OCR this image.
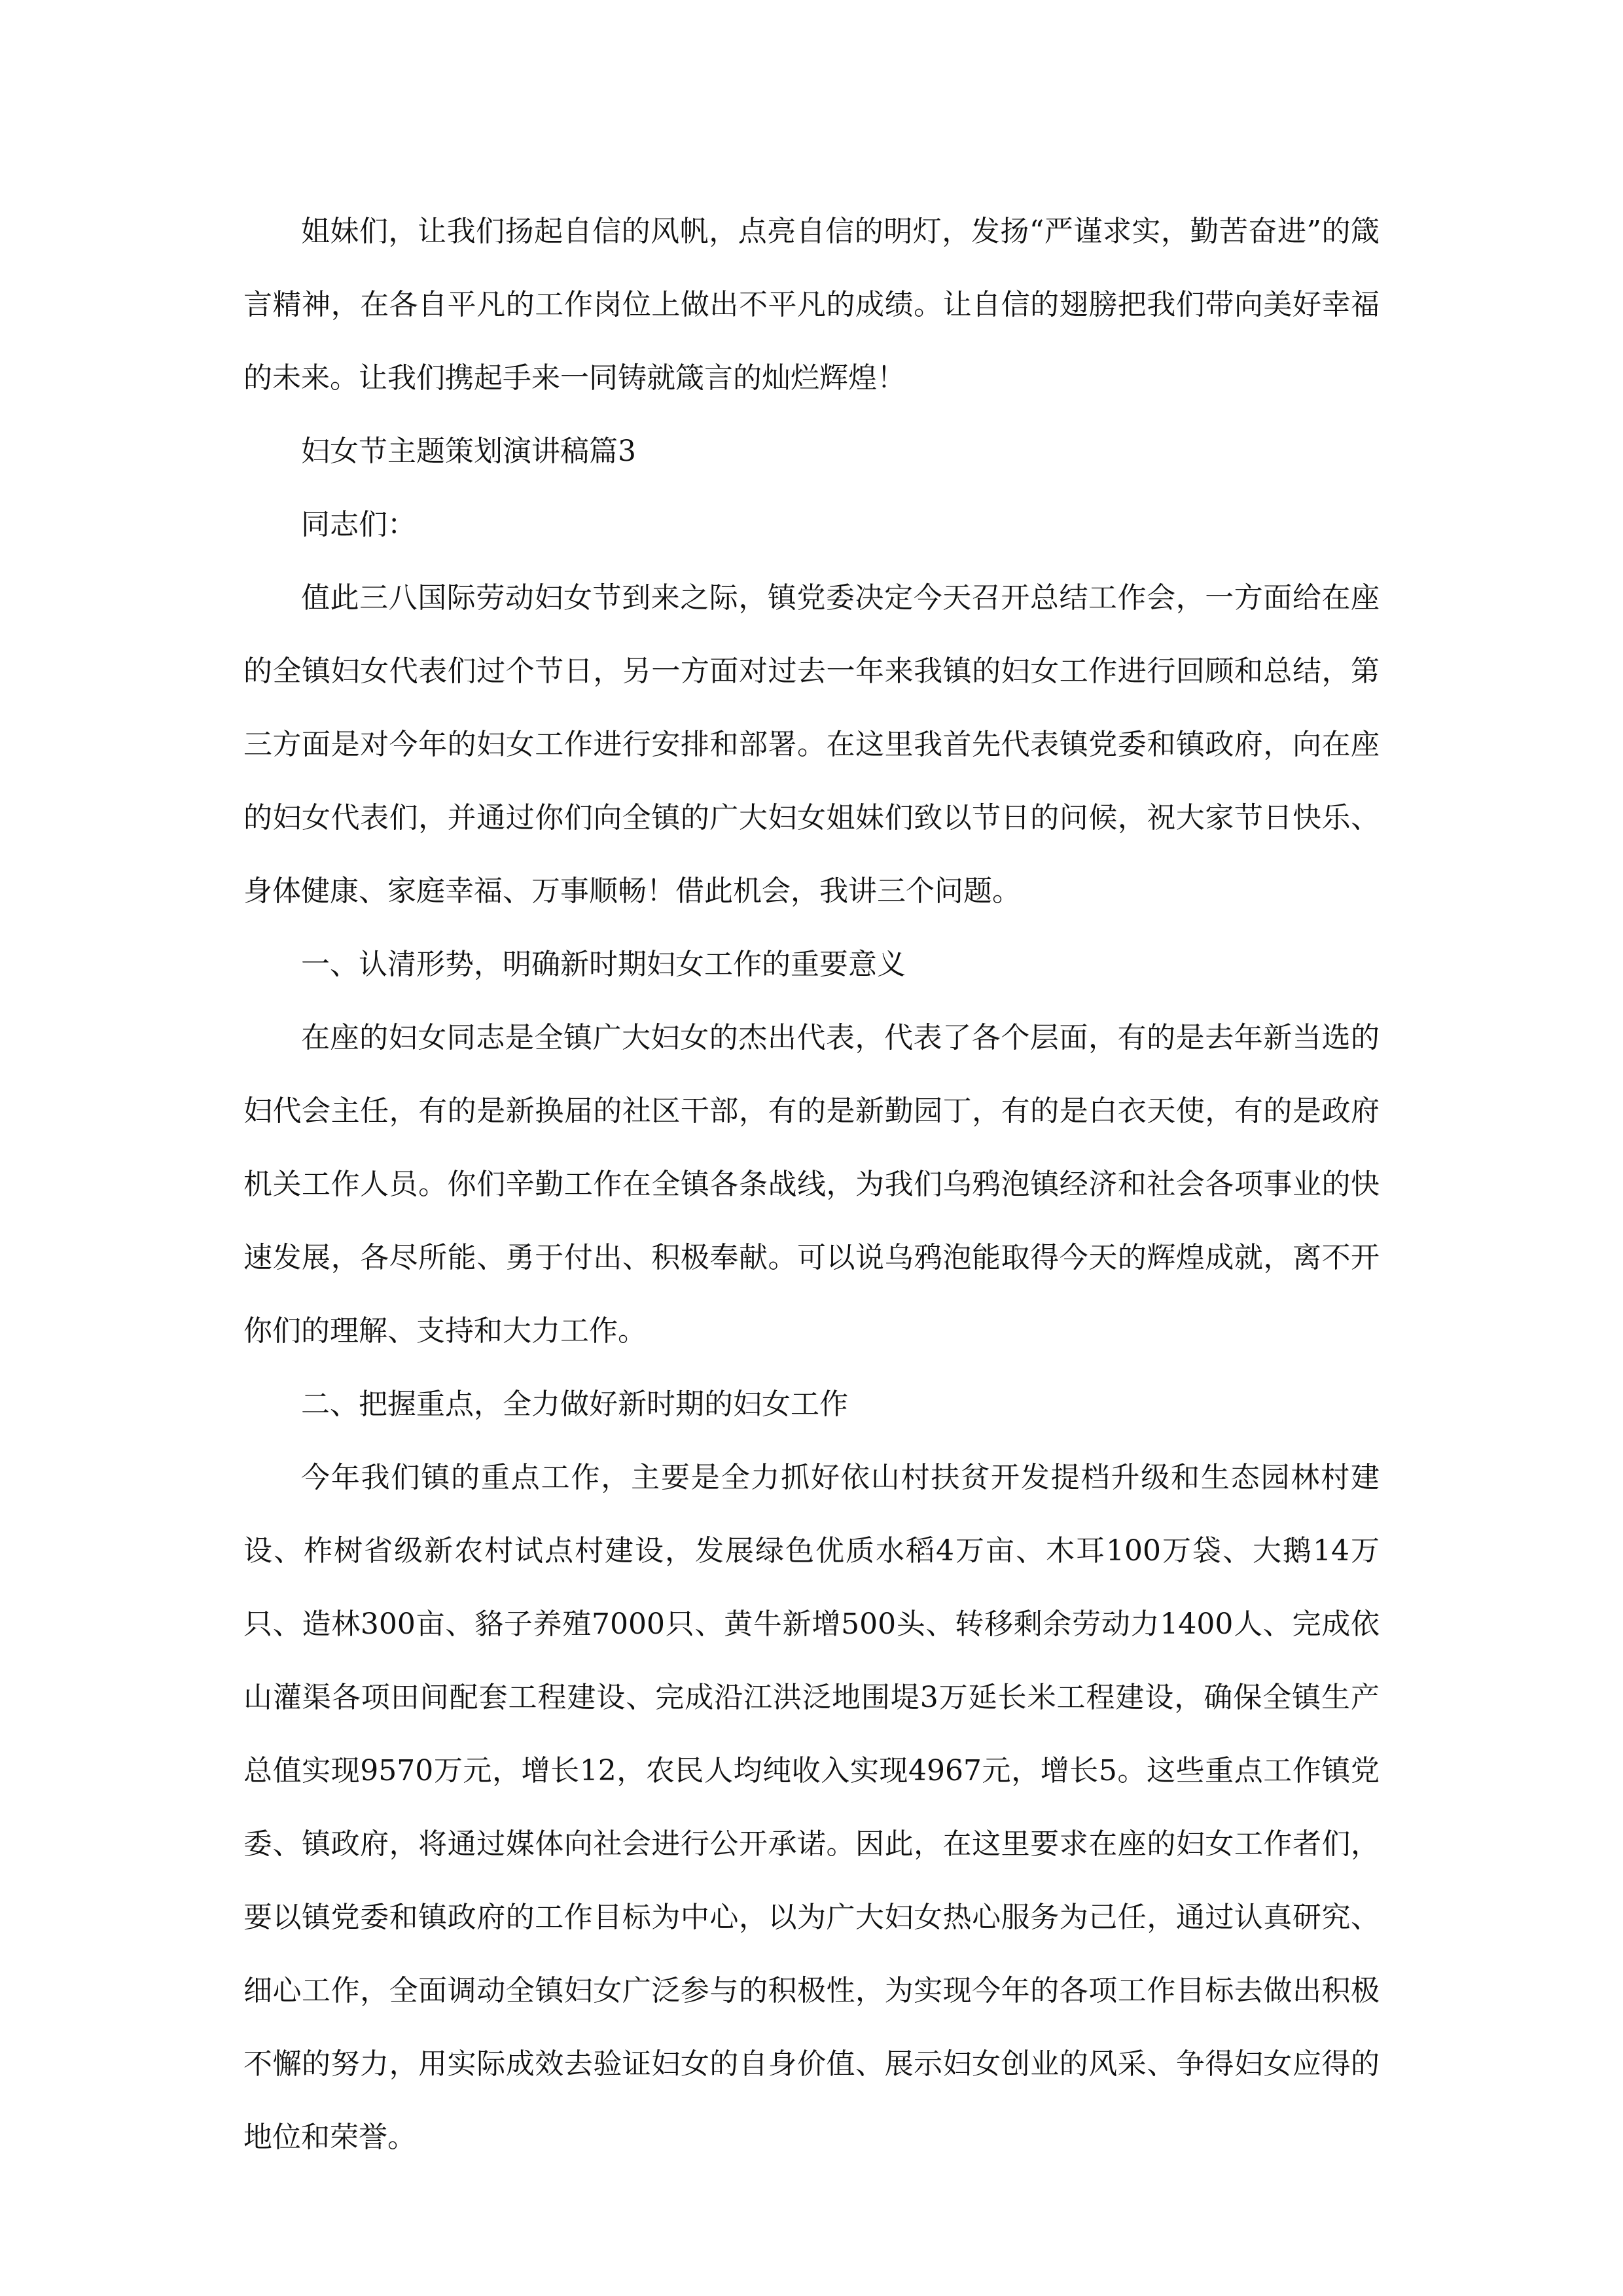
姐妹们，让我们扬起自信的风帆，点亮自信的明灯，发扬“严谨求实，勤苦奋进”的箴言精神，在各自平凡的工作岗位上做出不平凡的成绩。让自信的翅膀把我们带向美好幸福的未来。让我们携起手来一同铸就箴言的灿烂辉煌！

妇女节主题策划演讲稿篇3

同志们：

值此三八国际劳动妇女节到来之际，镇党委决定今天召开总结工作会，一方面给在座的全镇妇女代表们过个节日，另一方面对过去一年来我镇的妇女工作进行回顾和总结，第三方面是对今年的妇女工作进行安排和部署。在这里我首先代表镇党委和镇政府，向在座的妇女代表们，并通过你们向全镇的广大妇女姐妹们致以节日的问候，祝大家节日快乐、身体健康、家庭幸福、万事顺畅！借此机会，我讲三个问题。

一、认清形势，明确新时期妇女工作的重要意义

在座的妇女同志是全镇广大妇女的杰出代表，代表了各个层面，有的是去年新当选的妇代会主任，有的是新换届的社区干部，有的是新勤园丁，有的是白衣天使，有的是政府机关工作人员。你们辛勤工作在全镇各条战线，为我们乌鸦泡镇经济和社会各项事业的快速发展，各尽所能、勇于付出、积极奉献。可以说乌鸦泡能取得今天的辉煌成就，离不开你们的理解、支持和大力工作。

二、把握重点，全力做好新时期的妇女工作

今年我们镇的重点工作，主要是全力抓好依山村扶贫开发提档升级和生态园林村建设、柞树省级新农村试点村建设，发展绿色优质水稻4万亩、木耳100万袋、大鹅14万只、造林300亩、貉子养殖7000只、黄牛新增500头、转移剩余劳动力1400人、完成依山灌渠各项田间配套工程建设、完成沿江洪泛地围堤3万延长米工程建设，确保全镇生产总值实现9570万元，增长12，农民人均纯收入实现4967元，增长5。这些重点工作镇党委、镇政府，将通过媒体向社会进行公开承诺。因此，在这里要求在座的妇女工作者们，要以镇党委和镇政府的工作目标为中心，以为广大妇女热心服务为己任，通过认真研究、细心工作，全面调动全镇妇女广泛参与的积极性，为实现今年的各项工作目标去做出积极不懈的努力，用实际成效去验证妇女的自身价值、展示妇女创业的风采、争得妇女应得的地位和荣誉。
